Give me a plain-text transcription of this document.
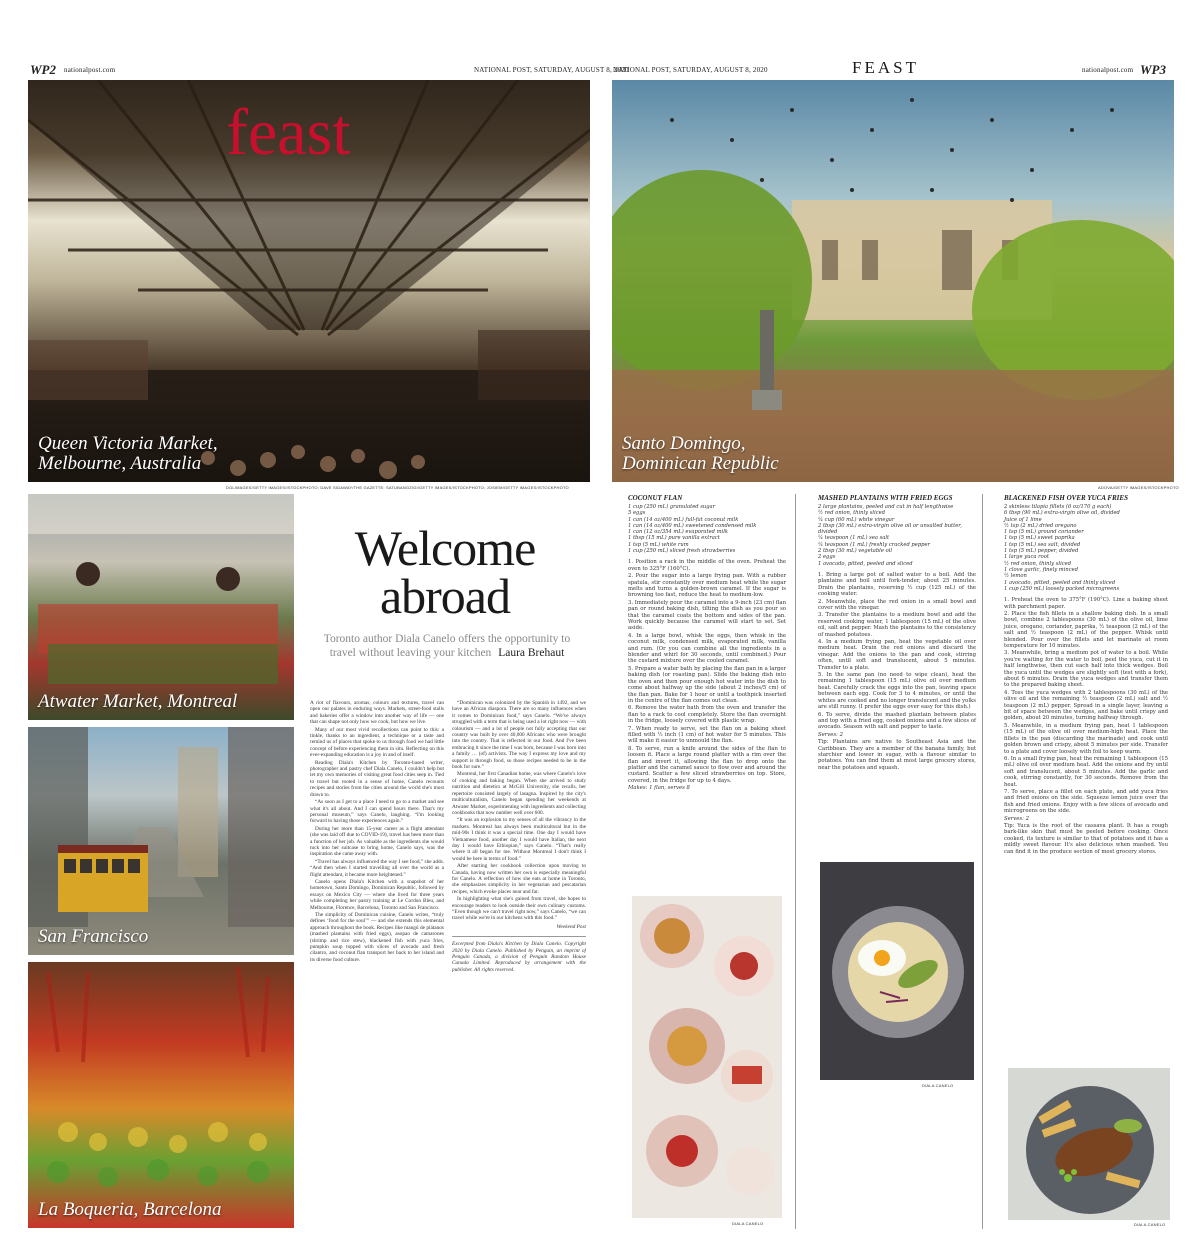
WP2 nationalpost.com	NATIONAL POST, SATURDAY, AUGUST 8, 2020
feast
Queen Victoria Market,
Melbourne, Australia
DGLIMAGES/GETTY IMAGES/ISTOCKPHOTO; DAVE SIDAWAY/THE GAZETTE; SATUBANGZIGI/GETTY IMAGES/ISTOCKPHOTO; JOSIEM/GETTY IMAGES/ISTOCKPHOTO
Atwater Market, Montreal
San Francisco
La Boqueria, Barcelona
Welcome
abroad
Toronto author Diala Canelo offers the opportunity to travel without leaving your kitchen Laura Brehaut

A riot of flavours, aromas, colours and textures, travel can open our palates in enduring ways. Markets, street-food stalls and bakeries offer a window into another way of life — one that can shape not only how we cook, but how we live.

Many of our most vivid recollections can point to this: a tinkle, thanks to an ingredient, a technique or a taste and remind us of places that spoke to us through food we had little concept of before experiencing them in situ. Reflecting on this ever-expanding education is a joy in and of itself.

Reading Diala's Kitchen by Toronto-based writer, photographer and pastry chef Diala Canelo, I couldn't help but let my own memories of visiting great food cities seep in. Tied to travel but rooted in a sense of home, Canelo recounts recipes and stories from the cities around the world she's most drawn to.

“As soon as I get to a place I need to go to a market and see what it's all about. And I can spend hours there. That's my personal museum,” says Canelo, laughing. “I'm looking forward to having those experiences again.”

During her more than 15-year career as a flight attendant (she was laid off due to COVID-19), travel has been more than a function of her job. As valuable as the ingredients she would tuck into her suitcase to bring home, Canelo says, was the inspiration she came away with.

“Travel has always influenced the way I see food,” she adds. “And then when I started travelling all over the world as a flight attendant, it became more heightened.”

Canelo opens Diala's Kitchen with a snapshot of her hometown, Santo Domingo, Dominican Republic, followed by essays on Mexico City — where she lived for three years while completing her pastry training at Le Cordon Bleu, and Melbourne, Florence, Barcelona, Toronto and San Francisco.

The simplicity of Dominican cuisine, Canelo writes, “truly defines ‘food for the soul’” — and she extends this elemental approach throughout the book. Recipes like mangú de plátanos (mashed plantains with fried eggs), asopao de camarones (shrimp and rice stew), blackened fish with yuca fries, pumpkin soup topped with slices of avocado and fresh cilantro, and coconut flan transport her back to her island and its diverse food culture.

“Dominican was colonized by the Spanish in 1492, and we have an African diaspora. There are so many influences when it comes to Dominican food,” says Canelo. “We've always struggled with a term that is being used a lot right now — with colourism — and a lot of people not fully accepting that our country was built by over 40,000 Africans who were brought into the country. That is reflected in our food. And I've been embracing it since the time I was born, because I was born into a family … (of) activists. The way I express my love and my support is through food, so those recipes needed to be in the book for sure.”

Montreal, her first Canadian home, was where Canelo's love of cooking and baking began. When she arrived to study nutrition and dietetics at McGill University, she recalls, her repertoire consisted largely of lasagna. Inspired by the city's multiculturalism, Canelo began spending her weekends at Atwater Market, experimenting with ingredients and collecting cookbooks that now number well over 600.

“It was an explosion to my senses of all the vibrancy in the markets. Montreal has always been multicultural but in the mid-90s I think it was a special time. One day I would have Vietnamese food, another day I would have Italian, the next day I would have Ethiopian,” says Canelo. “That's really where it all began for me. Without Montreal I don't think I would be here in terms of food.”

After starting her cookbook collection upon moving to Canada, having now written her own is especially meaningful for Canelo. A reflection of how she eats at home in Toronto, she emphasizes simplicity in her vegetarian and pescatarian recipes, which evoke places near and far.

In highlighting what she's gained from travel, she hopes to encourage readers to look outside their own culinary customs. “Even though we can't travel right now,” says Canelo, “we can travel while we're in our kitchens with this food.”

Weekend Post

Excerpted from Diala's Kitchen by Diala Canelo. Copyright 2020 by Diala Canelo. Published by Penguin, an imprint of Penguin Canada, a division of Penguin Random House Canada Limited. Reproduced by arrangement with the publisher. All rights reserved.

NATIONAL POST, SATURDAY, AUGUST 8, 2020	FEAST	nationalpost.com WP3
Santo Domingo,
Dominican Republic
ADOVA/GETTY IMAGES/ISTOCKPHOTO
COCONUT FLAN
1 cup (250 mL) granulated sugar
5 eggs
1 can (14 oz/400 mL) full-fat coconut milk
1 can (14 oz/400 mL) sweetened condensed milk
1 can (12 oz/354 mL) evaporated milk
1 tbsp (15 mL) pure vanilla extract
1 tsp (5 mL) white rum
1 cup (250 mL) sliced fresh strawberries
1. Position a rack in the middle of the oven. Preheat the oven to 325°F (160°C).
2. Pour the sugar into a large frying pan. With a rubber spatula, stir constantly over medium heat while the sugar melts and turns a golden-brown caramel. If the sugar is browning too fast, reduce the heat to medium-low.
3. Immediately pour the caramel into a 9-inch (23 cm) flan pan or round baking dish, tilting the dish as you pour so that the caramel coats the bottom and sides of the pan. Work quickly because the caramel will start to set. Set aside.
4. In a large bowl, whisk the eggs, then whisk in the coconut milk, condensed milk, evaporated milk, vanilla and rum. (Or you can combine all the ingredients in a blender and whirl for 30 seconds, until combined.) Pour the custard mixture over the cooled caramel.
5. Prepare a water bath by placing the flan pan in a larger baking dish (or roasting pan). Slide the baking dish into the oven and then pour enough hot water into the dish to come about halfway up the side (about 2 inches/5 cm) of the flan pan. Bake for 1 hour or until a toothpick inserted in the centre of the flan comes out clean.
6. Remove the water bath from the oven and transfer the flan to a rack to cool completely. Store the flan overnight in the fridge, loosely covered with plastic wrap.
7. When ready to serve, set the flan on a baking sheet filled with ½ inch (1 cm) of hot water for 5 minutes. This will make it easier to unmould the flan.
8. To serve, run a knife around the sides of the flan to loosen it. Place a large round platter with a rim over the flan and invert it, allowing the flan to drop onto the platter and the caramel sauce to flow over and around the custard. Scatter a few sliced strawberries on top. Store, covered, in the fridge for up to 4 days.
Makes: 1 flan, serves 8
DIALA CANELO
MASHED PLANTAINS WITH FRIED EGGS
2 large plantains, peeled and cut in half lengthwise
½ red onion, thinly sliced
¼ cup (60 mL) white vinegar
2 tbsp (30 mL) extra-virgin olive oil or unsalted butter, divided
¼ teaspoon (1 mL) sea salt
¼ teaspoon (1 mL) freshly cracked pepper
2 tbsp (30 mL) vegetable oil
2 eggs
1 avocado, pitted, peeled and sliced
1. Bring a large pot of salted water to a boil. Add the plantains and boil until fork-tender, about 25 minutes. Drain the plantains, reserving ½ cup (125 mL) of the cooking water.
2. Meanwhile, place the red onion in a small bowl and cover with the vinegar.
3. Transfer the plantains to a medium bowl and add the reserved cooking water, 1 tablespoon (15 mL) of the olive oil, salt and pepper. Mash the plantains to the consistency of mashed potatoes.
4. In a medium frying pan, heat the vegetable oil over medium heat. Drain the red onions and discard the vinegar. Add the onions to the pan and cook, stirring often, until soft and translucent, about 5 minutes. Transfer to a plate.
5. In the same pan (no need to wipe clean), heat the remaining 1 tablespoon (15 mL) olive oil over medium heat. Carefully crack the eggs into the pan, leaving space between each egg. Cook for 3 to 4 minutes, or until the whites are cooked and no longer translucent and the yolks are still runny. (I prefer the eggs over easy for this dish.)
6. To serve, divide the mashed plantain between plates and top with a fried egg, cooked onions and a few slices of avocado. Season with salt and pepper to taste.
Serves: 2
Tip: Plantains are native to Southeast Asia and the Caribbean. They are a member of the banana family, but starchier and lower in sugar, with a flavour similar to potatoes. You can find them at most large grocery stores, near the potatoes and squash.
DIALA CANELO
BLACKENED FISH OVER YUCA FRIES
2 skinless tilapia fillets (6 oz/170 g each)
6 tbsp (90 mL) extra-virgin olive oil, divided
Juice of 1 lime
½ tsp (2 mL) dried oregano
1 tsp (5 mL) ground coriander
1 tsp (5 mL) sweet paprika
1 tsp (5 mL) sea salt, divided
1 tsp (5 mL) pepper, divided
1 large yuca root
½ red onion, thinly sliced
1 clove garlic, finely minced
½ lemon
1 avocado, pitted, peeled and thinly sliced
1 cup (250 mL) loosely packed microgreens
1. Preheat the oven to 375°F (190°C). Line a baking sheet with parchment paper.
2. Place the fish fillets in a shallow baking dish. In a small bowl, combine 2 tablespoons (30 mL) of the olive oil, lime juice, oregano, coriander, paprika, ½ teaspoon (2 mL) of the salt and ½ teaspoon (2 mL) of the pepper. Whisk until blended. Pour over the fillets and let marinate at room temperature for 10 minutes.
3. Meanwhile, bring a medium pot of water to a boil. While you're waiting for the water to boil, peel the yuca, cut it in half lengthwise, then cut each half into thick wedges. Boil the yuca until the wedges are slightly soft (test with a fork), about 6 minutes. Drain the yuca wedges and transfer them to the prepared baking sheet.
4. Toss the yuca wedges with 2 tablespoons (30 mL) of the olive oil and the remaining ½ teaspoon (2 mL) salt and ½ teaspoon (2 mL) pepper. Spread in a single layer, leaving a bit of space between the wedges, and bake until crispy and golden, about 20 minutes, turning halfway through.
5. Meanwhile, in a medium frying pan, heat 1 tablespoon (15 mL) of the olive oil over medium-high heat. Place the fillets in the pan (discarding the marinade) and cook until golden brown and crispy, about 5 minutes per side. Transfer to a plate and cover loosely with foil to keep warm.
6. In a small frying pan, heat the remaining 1 tablespoon (15 mL) olive oil over medium heat. Add the onions and fry until soft and translucent, about 5 minutes. Add the garlic and cook, stirring constantly, for 30 seconds. Remove from the heat.
7. To serve, place a fillet on each plate, and add yuca fries and fried onions on the side. Squeeze lemon juice over the fish and fried onions. Enjoy with a few slices of avocado and microgreens on the side.
Serves: 2
Tip: Yuca is the root of the cassava plant. It has a rough bark-like skin that must be peeled before cooking. Once cooked, its texture is similar to that of potatoes and it has a mildly sweet flavour. It's also delicious when mashed. You can find it in the produce section of most grocery stores.
DIALA CANELO
